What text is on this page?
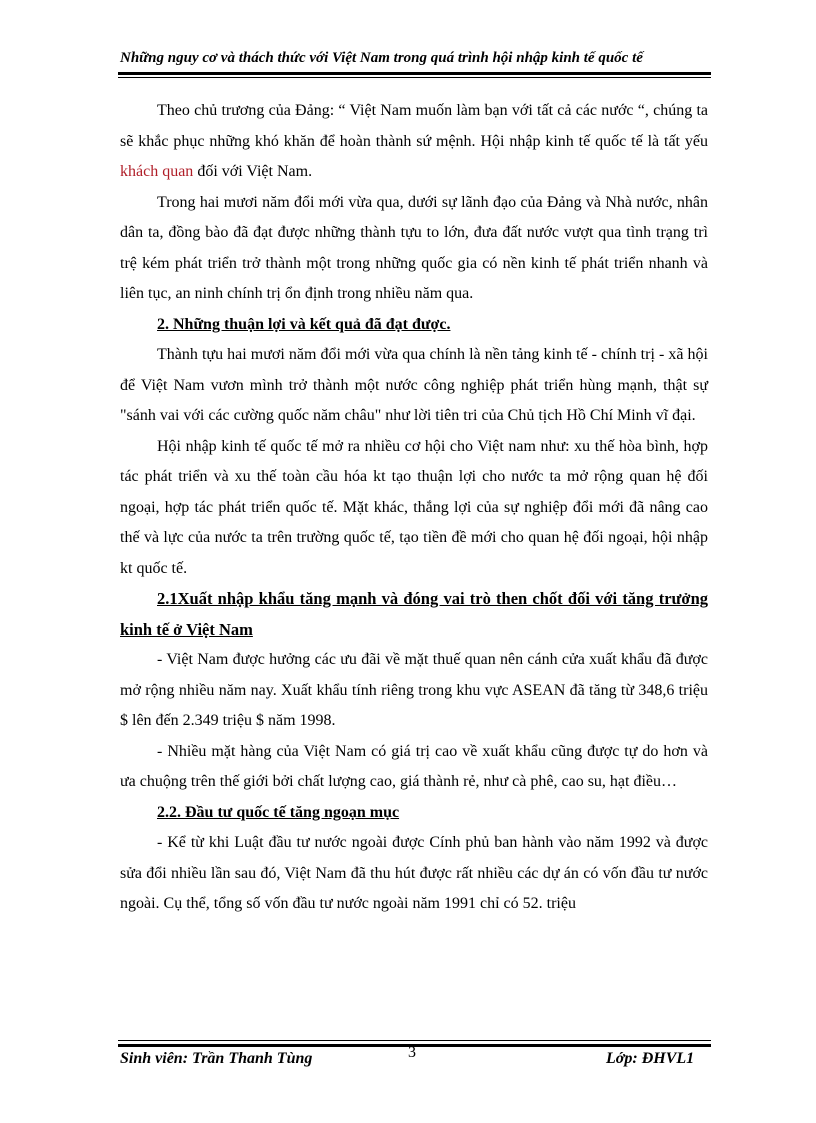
Những nguy cơ và thách thức với Việt Nam trong quá trình hội nhập kinh tế quốc tế

Theo chủ trương của Đảng: “ Việt Nam muốn làm bạn với tất cả các nước “, chúng ta sẽ khắc phục những khó khăn để hoàn thành sứ mệnh. Hội nhập kinh tế quốc tế là tất yếu khách quan đối với Việt Nam.

Trong hai mươi năm đổi mới vừa qua, dưới sự lãnh đạo của Đảng và Nhà nước, nhân dân ta, đồng bào đã đạt được những thành tựu to lớn, đưa đất nước vượt qua tình trạng trì trệ kém phát triển trở thành một trong những quốc gia có nền kinh tế phát triển nhanh và liên tục, an ninh chính trị ổn định trong nhiều năm qua.

2. Những thuận lợi và kết quả đã đạt được.

Thành tựu hai mươi năm đổi mới vừa qua chính là nền tảng kinh tế - chính trị - xã hội để Việt Nam vươn mình trở thành một nước công nghiệp phát triển hùng mạnh, thật sự "sánh vai với các cường quốc năm châu" như lời tiên tri của Chủ tịch Hồ Chí Minh vĩ đại.

Hội nhập kinh tế quốc tế mở ra nhiều cơ hội cho Việt nam như: xu thế hòa bình, hợp tác phát triển và xu thế toàn cầu hóa kt tạo thuận lợi cho nước ta mở rộng quan hệ đối ngoại, hợp tác phát triển quốc tế. Mặt khác, thắng lợi của sự nghiệp đổi mới đã nâng cao thế và lực của nước ta trên trường quốc tế, tạo tiền đề mới cho quan hệ đối ngoại, hội nhập kt quốc tế.

2.1Xuất nhập khẩu tăng mạnh và đóng vai trò then chốt đối với tăng trưởng kinh tế ở Việt Nam

- Việt Nam được hưởng các ưu đãi về mặt thuế quan nên cánh cửa xuất khẩu đã được mở rộng nhiều năm nay. Xuất khẩu tính riêng trong khu vực ASEAN đã tăng từ 348,6 triệu $ lên đến 2.349 triệu $ năm 1998.

- Nhiều mặt hàng của Việt Nam có giá trị cao về xuất khẩu cũng được tự do hơn và ưa chuộng trên thế giới bởi chất lượng cao, giá thành rẻ, như cà phê, cao su, hạt điều…

2.2. Đầu tư quốc tế tăng ngoạn mục

- Kể từ khi Luật đầu tư nước ngoài được Cính phủ ban hành vào năm 1992 và được sửa đổi nhiều lần sau đó, Việt Nam đã thu hút được rất nhiều các dự án có vốn đầu tư nước ngoài. Cụ thể, tổng số vốn đầu tư nước ngoài năm 1991 chỉ có 52. triệu

Sinh viên: Trần Thanh Tùng	3	Lớp: ĐHVL1
